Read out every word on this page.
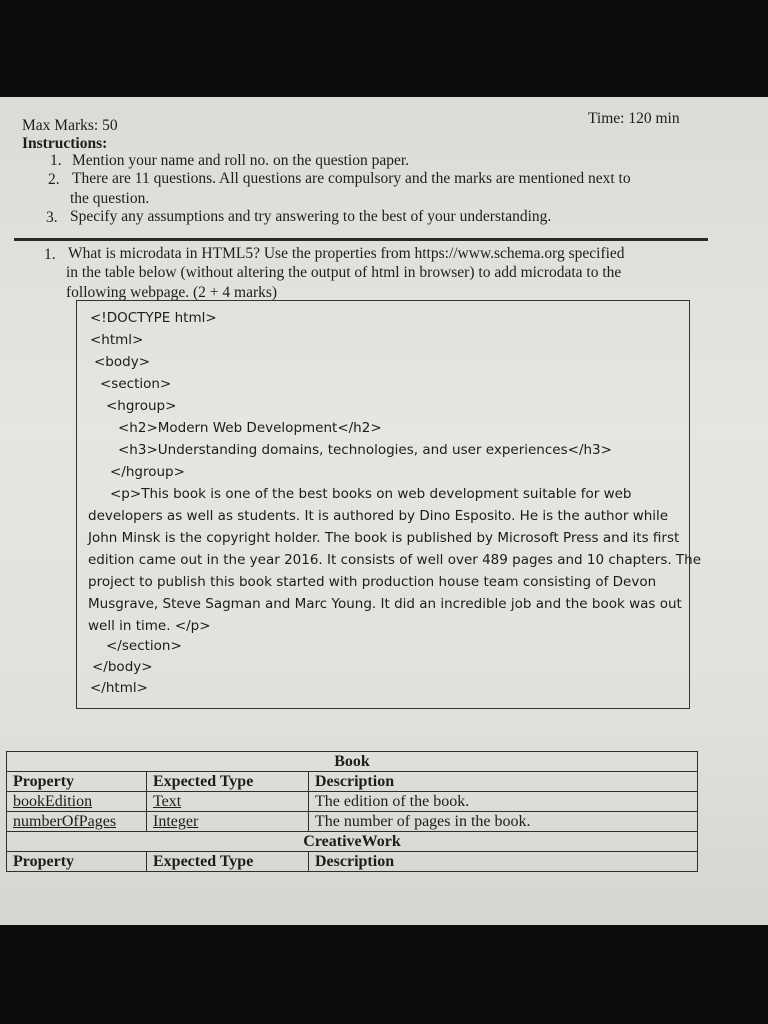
Max Marks: 50	Time: 120 min
Instructions:
1. Mention your name and roll no. on the question paper.
2. There are 11 questions. All questions are compulsory and the marks are mentioned next to
the question.
3. Specify any assumptions and try answering to the best of your understanding.
1. What is microdata in HTML5? Use the properties from https://www.schema.org specified
in the table below (without altering the output of html in browser) to add microdata to the
following webpage. (2 + 4 marks)
<!DOCTYPE html>
<html>
<body>
<section>
<hgroup>
<h2>Modern Web Development</h2>
<h3>Understanding domains, technologies, and user experiences</h3>
</hgroup>
<p>This book is one of the best books on web development suitable for web
developers as well as students. It is authored by Dino Esposito. He is the author while
John Minsk is the copyright holder. The book is published by Microsoft Press and its first
edition came out in the year 2016. It consists of well over 489 pages and 10 chapters. The
project to publish this book started with production house team consisting of Devon
Musgrave, Steve Sagman and Marc Young. It did an incredible job and the book was out
well in time. </p>
</section>
</body>
</html>
Book		
Property	Expected Type	Description
bookEdition	Text	The edition of the book.
numberOfPages	Integer	The number of pages in the book.
CreativeWork		
Property	Expected Type	Description
